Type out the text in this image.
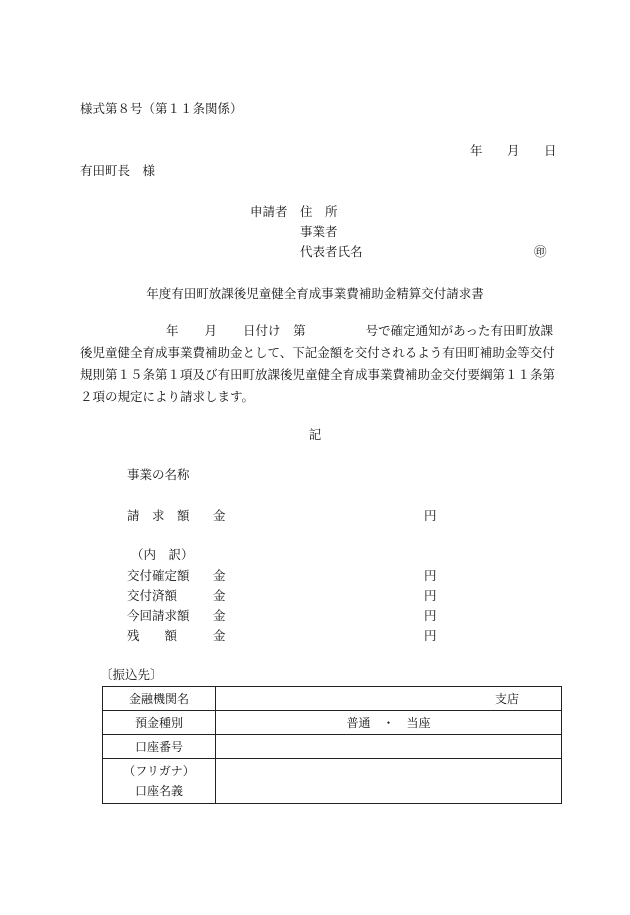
様式第８号（第１１条関係）
年 月 日
有田町長　様
申請者 住　所
事業者
代表者氏名	㊞
年度有田町放課後児童健全育成事業費補助金精算交付請求書
年 月 日付け　 第	号で確定通知があった有田町放課
後児童健全育成事業費補助金として、下記金額を交付されるよう有田町補助金等交付規則第１５条第１項及び有田町放課後児童健全育成事業費補助金交付要綱第１１条第２項の規定により請求します。
記
事業の名称
請　求　額 金	円
（内　訳）
交付確定額 金	円
交付済額	金	円
今回請求額 金	円
残　　額	金	円
〔振込先〕
金融機関名	支店

預金種別	普通　・　当座
口座番号	
（フリガナ）
口座名義	
